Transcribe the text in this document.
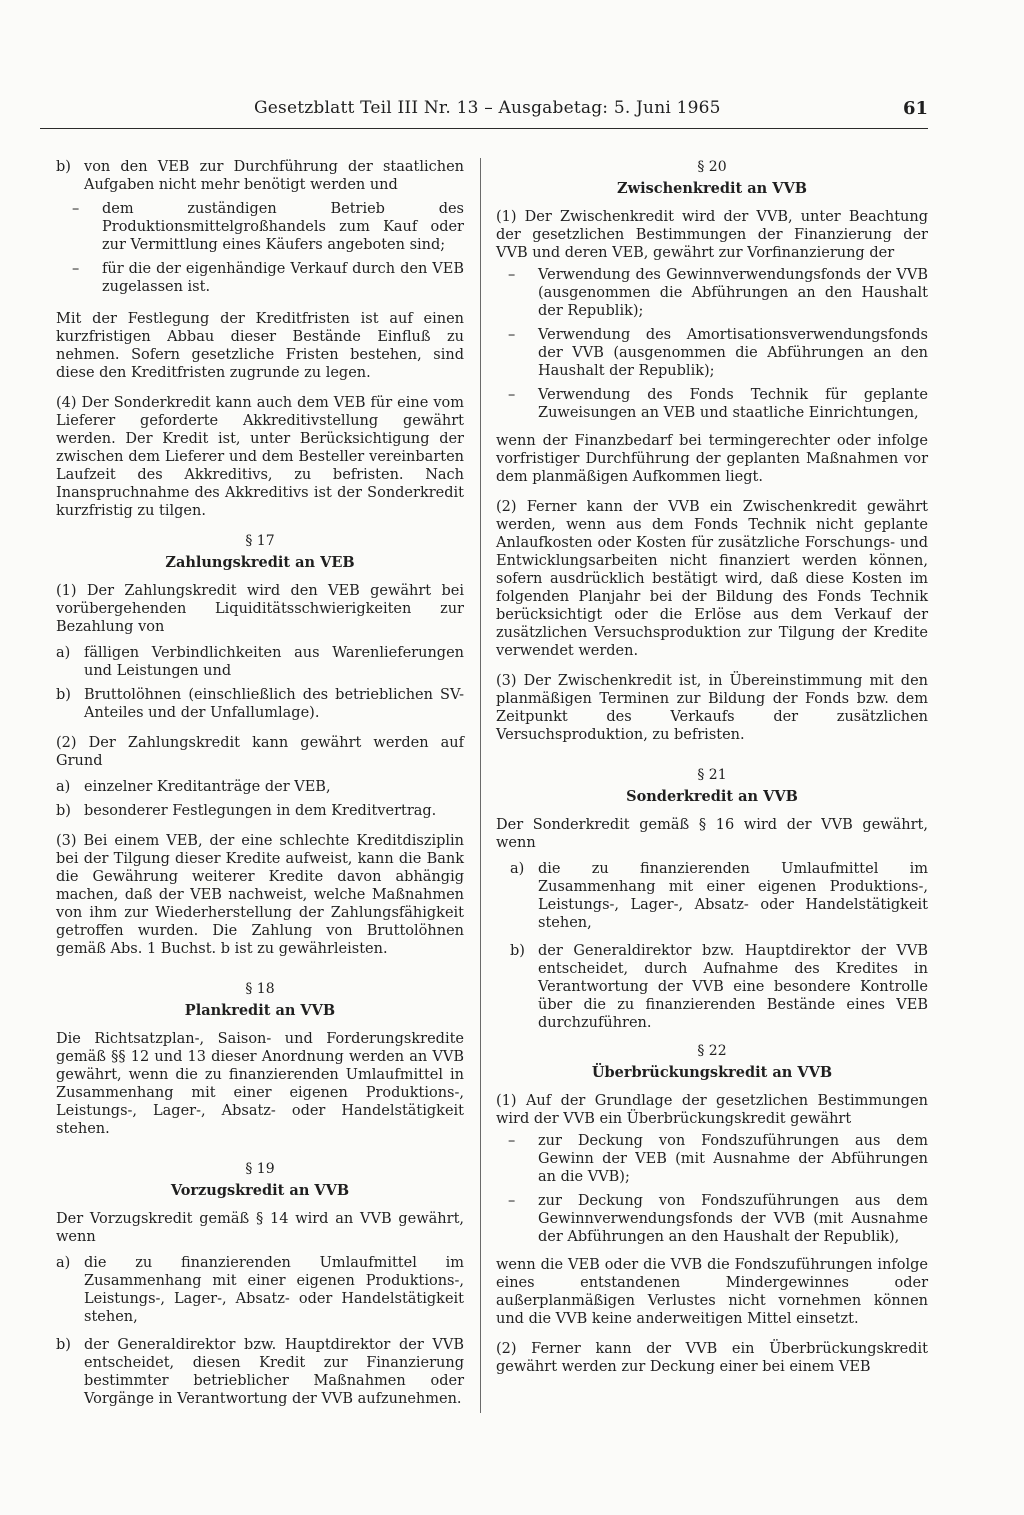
Gesetzblatt Teil III Nr. 13 – Ausgabetag: 5. Juni 1965	61
b) von den VEB zur Durchführung der staatlichen Aufgaben nicht mehr benötigt werden und
–	dem zuständigen Betrieb des Produktionsmittelgroßhandels zum Kauf oder zur Vermittlung eines Käufers angeboten sind;
–	für die der eigenhändige Verkauf durch den VEB zugelassen ist.

Mit der Festlegung der Kreditfristen ist auf einen kurzfristigen Abbau dieser Bestände Einfluß zu nehmen. Sofern gesetzliche Fristen bestehen, sind diese den Kreditfristen zugrunde zu legen.

(4) Der Sonderkredit kann auch dem VEB für eine vom Lieferer geforderte Akkreditivstellung gewährt werden. Der Kredit ist, unter Berücksichtigung der zwischen dem Lieferer und dem Besteller vereinbarten Laufzeit des Akkreditivs, zu befristen. Nach Inanspruchnahme des Akkreditivs ist der Sonderkredit kurzfristig zu tilgen.

§ 17
Zahlungskredit an VEB

(1) Der Zahlungskredit wird den VEB gewährt bei vorübergehenden Liquiditätsschwierigkeiten zur Bezahlung von

a) fälligen Verbindlichkeiten aus Warenlieferungen und Leistungen und
b) Bruttolöhnen (einschließlich des betrieblichen SV-Anteiles und der Unfallumlage).

(2) Der Zahlungskredit kann gewährt werden auf Grund

a) einzelner Kreditanträge der VEB,
b) besonderer Festlegungen in dem Kreditvertrag.

(3) Bei einem VEB, der eine schlechte Kreditdisziplin bei der Tilgung dieser Kredite aufweist, kann die Bank die Gewährung weiterer Kredite davon abhängig machen, daß der VEB nachweist, welche Maßnahmen von ihm zur Wiederherstellung der Zahlungsfähigkeit getroffen wurden. Die Zahlung von Bruttolöhnen gemäß Abs. 1 Buchst. b ist zu gewährleisten.

§ 18
Plankredit an VVB

Die Richtsatzplan-, Saison- und Forderungskredite gemäß §§ 12 und 13 dieser Anordnung werden an VVB gewährt, wenn die zu finanzierenden Umlaufmittel in Zusammenhang mit einer eigenen Produktions-, Leistungs-, Lager-, Absatz- oder Handelstätigkeit stehen.

§ 19
Vorzugskredit an VVB

Der Vorzugskredit gemäß § 14 wird an VVB gewährt, wenn

a) die zu finanzierenden Umlaufmittel im Zusammenhang mit einer eigenen Produktions-, Leistungs-, Lager-, Absatz- oder Handelstätigkeit stehen,
b) der Generaldirektor bzw. Hauptdirektor der VVB entscheidet, diesen Kredit zur Finanzierung bestimmter betrieblicher Maßnahmen oder Vorgänge in Verantwortung der VVB aufzunehmen.
§ 20
Zwischenkredit an VVB

(1) Der Zwischenkredit wird der VVB, unter Beachtung der gesetzlichen Bestimmungen der Finanzierung der VVB und deren VEB, gewährt zur Vorfinanzierung der

–	Verwendung des Gewinnverwendungsfonds der VVB (ausgenommen die Abführungen an den Haushalt der Republik);
–	Verwendung des Amortisationsverwendungsfonds der VVB (ausgenommen die Abführungen an den Haushalt der Republik);
–	Verwendung des Fonds Technik für geplante Zuweisungen an VEB und staatliche Einrichtungen,

wenn der Finanzbedarf bei termingerechter oder infolge vorfristiger Durchführung der geplanten Maßnahmen vor dem planmäßigen Aufkommen liegt.

(2) Ferner kann der VVB ein Zwischenkredit gewährt werden, wenn aus dem Fonds Technik nicht geplante Anlaufkosten oder Kosten für zusätzliche Forschungs- und Entwicklungsarbeiten nicht finanziert werden können, sofern ausdrücklich bestätigt wird, daß diese Kosten im folgenden Planjahr bei der Bildung des Fonds Technik berücksichtigt oder die Erlöse aus dem Verkauf der zusätzlichen Versuchsproduktion zur Tilgung der Kredite verwendet werden.

(3) Der Zwischenkredit ist, in Übereinstimmung mit den planmäßigen Terminen zur Bildung der Fonds bzw. dem Zeitpunkt des Verkaufs der zusätzlichen Versuchsproduktion, zu befristen.

§ 21
Sonderkredit an VVB

Der Sonderkredit gemäß § 16 wird der VVB gewährt, wenn

a) die zu finanzierenden Umlaufmittel im Zusammenhang mit einer eigenen Produktions-, Leistungs-, Lager-, Absatz- oder Handelstätigkeit stehen,
b) der Generaldirektor bzw. Hauptdirektor der VVB entscheidet, durch Aufnahme des Kredites in Verantwortung der VVB eine besondere Kontrolle über die zu finanzierenden Bestände eines VEB durchzuführen.
§ 22
Überbrückungskredit an VVB

(1) Auf der Grundlage der gesetzlichen Bestimmungen wird der VVB ein Überbrückungskredit gewährt

–	zur Deckung von Fondszuführungen aus dem Gewinn der VEB (mit Ausnahme der Abführungen an die VVB);
–	zur Deckung von Fondszuführungen aus dem Gewinnverwendungsfonds der VVB (mit Ausnahme der Abführungen an den Haushalt der Republik),

wenn die VEB oder die VVB die Fondszuführungen infolge eines entstandenen Mindergewinnes oder außerplanmäßigen Verlustes nicht vornehmen können und die VVB keine anderweitigen Mittel einsetzt.

(2) Ferner kann der VVB ein Überbrückungskredit gewährt werden zur Deckung einer bei einem VEB
